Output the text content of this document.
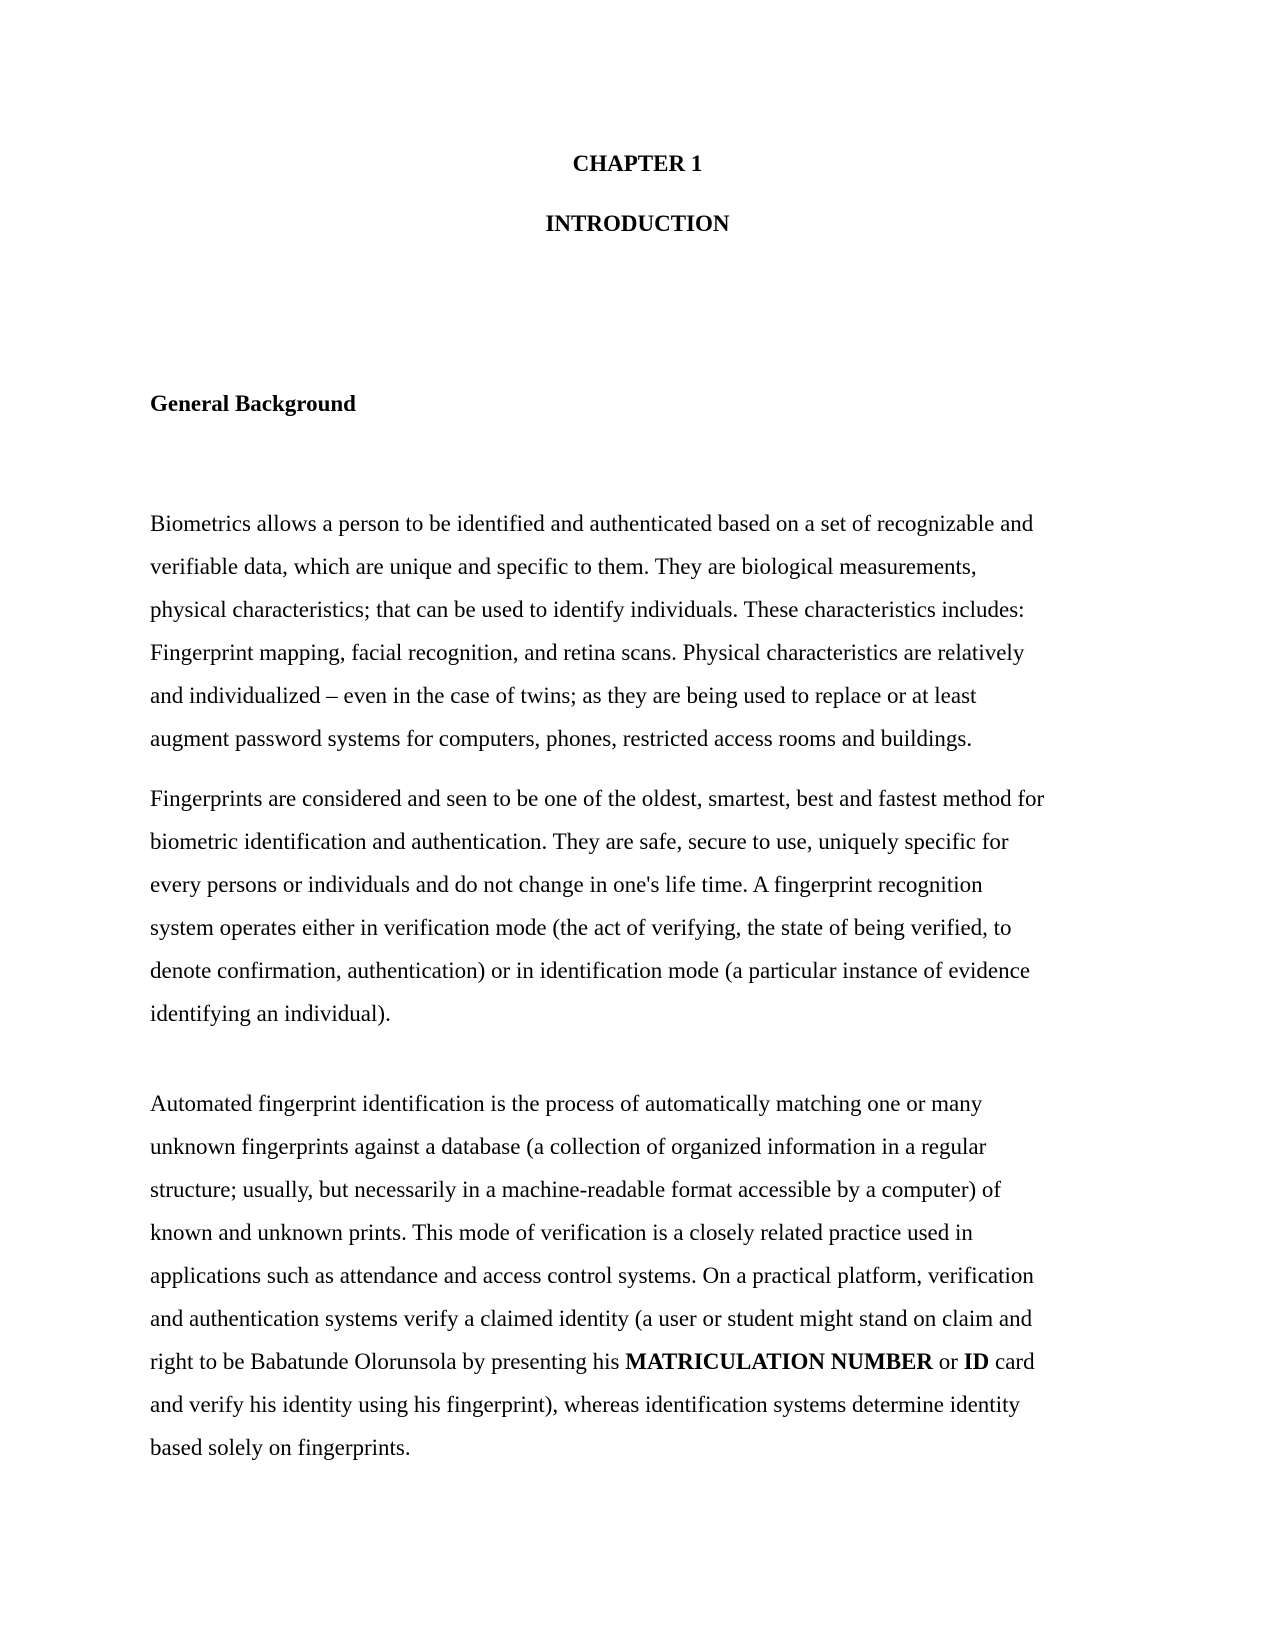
CHAPTER 1
INTRODUCTION
General Background
Biometrics allows a person to be identified and authenticated based on a set of recognizable and
verifiable data, which are unique and specific to them. They are biological measurements,
physical characteristics; that can be used to identify individuals. These characteristics includes:
Fingerprint mapping, facial recognition, and retina scans. Physical characteristics are relatively
and individualized – even in the case of twins; as they are being used to replace or at least
augment password systems for computers, phones, restricted access rooms and buildings.
Fingerprints are considered and seen to be one of the oldest, smartest, best and fastest method for
biometric identification and authentication. They are safe, secure to use, uniquely specific for
every persons or individuals and do not change in one's life time. A fingerprint recognition
system operates either in verification mode (the act of verifying, the state of being verified, to
denote confirmation, authentication) or in identification mode (a particular instance of evidence
identifying an individual).
Automated fingerprint identification is the process of automatically matching one or many
unknown fingerprints against a database (a collection of organized information in a regular
structure; usually, but necessarily in a machine-readable format accessible by a computer) of
known and unknown prints. This mode of verification is a closely related practice used in
applications such as attendance and access control systems. On a practical platform, verification
and authentication systems verify a claimed identity (a user or student might stand on claim and
right to be Babatunde Olorunsola by presenting his MATRICULATION NUMBER or ID card
and verify his identity using his fingerprint), whereas identification systems determine identity
based solely on fingerprints.
